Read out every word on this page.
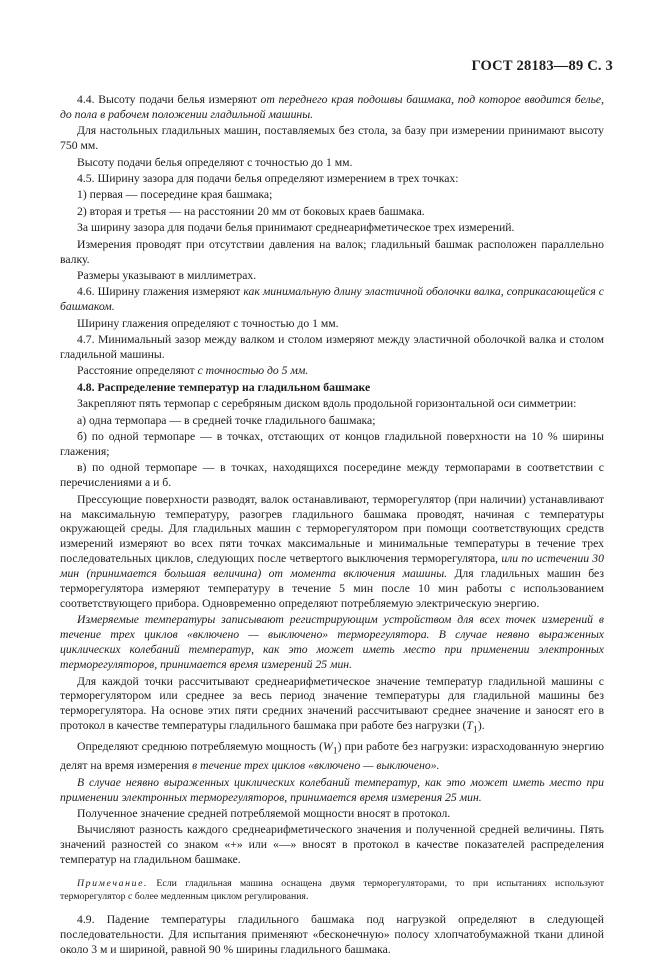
ГОСТ 28183—89 С. 3

4.4. Высоту подачи белья измеряют от переднего края подошвы башмака, под которое вводится белье, до пола в рабочем положении гладильной машины.

Для настольных гладильных машин, поставляемых без стола, за базу при измерении принимают высоту 750 мм.

Высоту подачи белья определяют с точностью до 1 мм.

4.5. Ширину зазора для подачи белья определяют измерением в трех точках:

1) первая — посередине края башмака;

2) вторая и третья — на расстоянии 20 мм от боковых краев башмака.

За ширину зазора для подачи белья принимают среднеарифметическое трех измерений.

Измерения проводят при отсутствии давления на валок; гладильный башмак расположен параллельно валку.

Размеры указывают в миллиметрах.

4.6. Ширину глажения измеряют как минимальную длину эластичной оболочки валка, соприкасающейся с башмаком.

Ширину глажения определяют с точностью до 1 мм.

4.7. Минимальный зазор между валком и столом измеряют между эластичной оболочкой валка и столом гладильной машины.

Расстояние определяют с точностью до 5 мм.

4.8. Распределение температур на гладильном башмаке

Закрепляют пять термопар с серебряным диском вдоль продольной горизонтальной оси симметрии:

а) одна термопара — в средней точке гладильного башмака;

б) по одной термопаре — в точках, отстающих от концов гладильной поверхности на 10 % ширины глажения;

в) по одной термопаре — в точках, находящихся посередине между термопарами в соответствии с перечислениями а и б.

Прессующие поверхности разводят, валок останавливают, терморегулятор (при наличии) устанавливают на максимальную температуру, разогрев гладильного башмака проводят, начиная с температуры окружающей среды. Для гладильных машин с терморегулятором при помощи соответствующих средств измерений измеряют во всех пяти точках максимальные и минимальные температуры в течение трех последовательных циклов, следующих после четвертого выключения терморегулятора, или по истечении 30 мин (принимается большая величина) от момента включения машины. Для гладильных машин без терморегулятора измеряют температуру в течение 5 мин после 10 мин работы с использованием соответствующего прибора. Одновременно определяют потребляемую электрическую энергию.

Измеряемые температуры записывают регистрирующим устройством для всех точек измерений в течение трех циклов «включено — выключено» терморегулятора. В случае неявно выраженных циклических колебаний температур, как это может иметь место при применении электронных терморегуляторов, принимается время измерений 25 мин.

Для каждой точки рассчитывают среднеарифметическое значение температур гладильной машины с терморегулятором или среднее за весь период значение температуры для гладильной машины без терморегулятора. На основе этих пяти средних значений рассчитывают среднее значение и заносят его в протокол в качестве температуры гладильного башмака при работе без нагрузки $(T_1)$.

Определяют среднюю потребляемую мощность $(W_1)$ при работе без нагрузки: израсходованную энергию делят на время измерения в течение трех циклов «включено — выключено».

В случае неявно выраженных циклических колебаний температур, как это может иметь место при применении электронных терморегуляторов, принимается время измерения 25 мин.

Полученное значение средней потребляемой мощности вносят в протокол.

Вычисляют разность каждого среднеарифметического значения и полученной средней величины. Пять значений разностей со знаком «+» или «—» вносят в протокол в качестве показателей распределения температур на гладильном башмаке.

Примечание. Если гладильная машина оснащена двумя терморегуляторами, то при испытаниях используют терморегулятор с более медленным циклом регулирования.

4.9. Падение температуры гладильного башмака под нагрузкой определяют в следующей последовательности. Для испытания применяют «бесконечную» полосу хлопчатобумажной ткани длиной около 3 м и шириной, равной 90 % ширины гладильного башмака.
